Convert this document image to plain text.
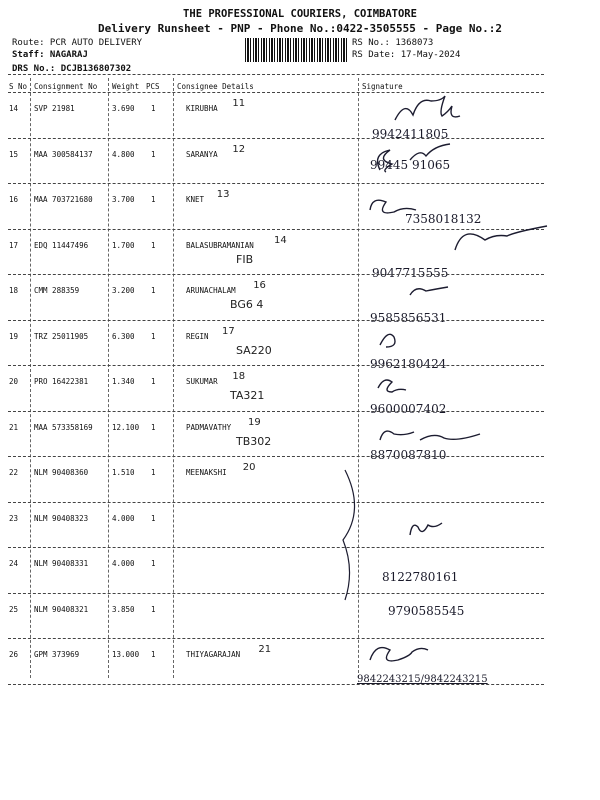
THE PROFESSIONAL COURIERS, COIMBATORE
Delivery Runsheet - PNP - Phone No.:0422-3505555 - Page No.:2
Route: PCR AUTO DELIVERY
Staff: NAGARAJ
DRS No.: DCJB136807302
RS No.: 1368073
RS Date: 17-May-2024
S No Consignment No Weight PCS Consignee Details	Signature
14 SVP 21981	3.690 1	KIRUBHA 11
9942411805
15 MAA 300584137	4.800 1	SARANYA 12
99445 91065
16 MAA 703721680	3.700 1	KNET 13
7358018132
17 EDQ 11447496	1.700 1	BALASUBRAMANIAN 14
FIB
9047715555
18 CMM 288359	3.200 1	ARUNACHALAM 16
BG6 4
9585856531
19 TRZ 25011905	6.300 1	REGIN 17
SA220
9962180424
20 PRO 16422381	1.340 1	SUKUMAR 18
TA321
9600007402
21 MAA 573358169	12.100 1	PADMAVATHY 19
TB302
8870087810
22 NLM 90408360	1.510 1	MEENAKSHI 20
23 NLM 90408323	4.000 1
24 NLM 90408331	4.000 1
8122780161
25 NLM 90408321	3.850 1	9790585545
26 GPM 373969	13.000 1	THIYAGARAJAN 21
9842243215/9842243215
